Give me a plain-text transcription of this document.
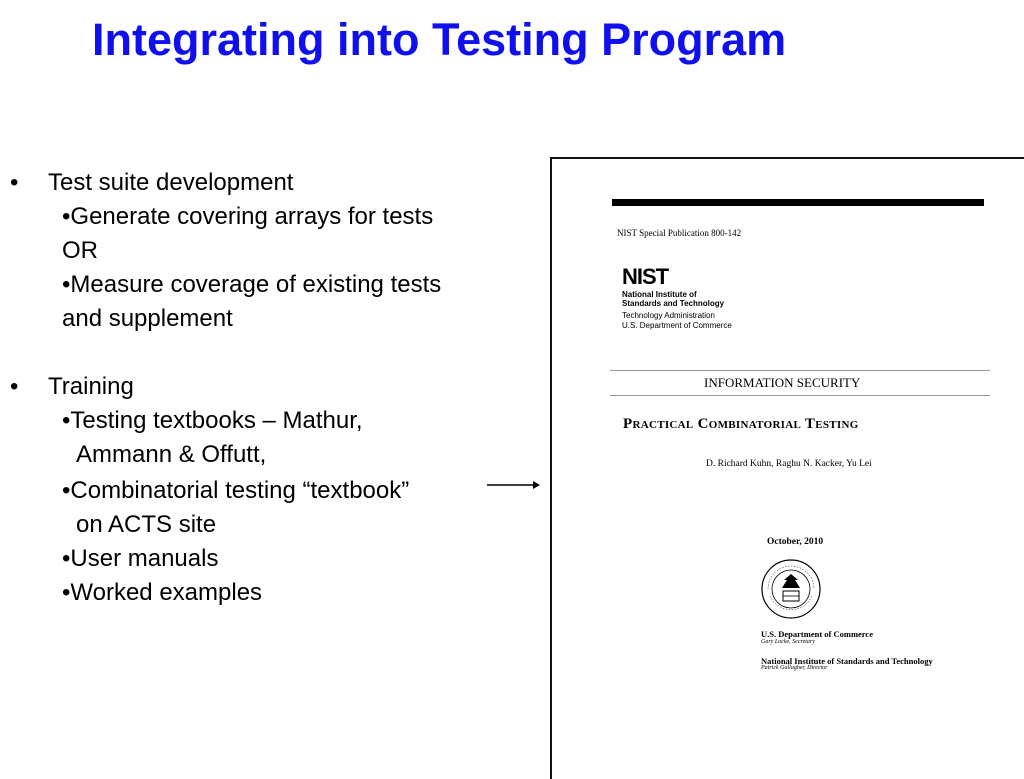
Integrating into Testing Program
• Test suite development
•Generate covering arrays for tests
OR
•Measure coverage of existing tests
and supplement
• Training
•Testing textbooks – Mathur,
Ammann & Offutt,
•Combinatorial testing “textbook”
on ACTS site
•User manuals
•Worked examples
NIST Special Publication 800-142
NIST
National Institute of
Standards and Technology
Technology Administration
U.S. Department of Commerce
INFORMATION SECURITY
Practical Combinatorial Testing
D. Richard Kuhn, Raghu N. Kacker, Yu Lei
October, 2010
U.S. Department of Commerce
Gary Locke, Secretary
National Institute of Standards and Technology
Patrick Gallagher, Director
